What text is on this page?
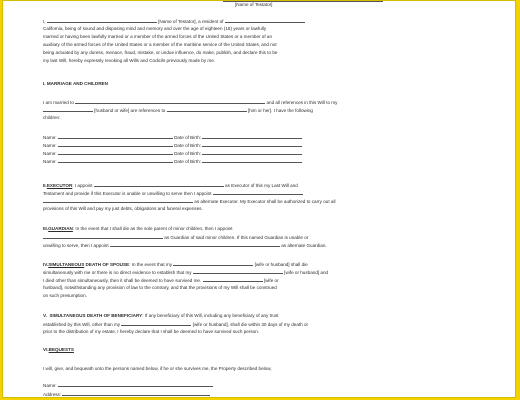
[Name of Testator]
I,	[Name of Testator], a resident of
California, being of sound and disposing mind and memory and over the age of eighteen (18) years or lawfully
married or having been lawfully married or a member of the armed forces of the United States or a member of an
auxiliary of the armed forces of the United States or a member of the maritime service of the United States, and not
being actuated by any duress, menace, fraud, mistake, or undue influence, do make, publish, and declare this to be
my last Will, hereby expressly revoking all Wills and Codicils previously made by me.
I. MARRIAGE AND CHILDREN
I am married to	and all references in this Will to my
[husband or wife] are references to	[him or her]. I have the following
children:
Name:	Date of Birth:
Name:	Date of Birth:
Name:	Date of Birth:
Name:	Date of Birth:
II.EXECUTOR: I appoint	as Executor of this my Last Will and
Testament and provide if this Executor is unable or unwilling to serve then I appoint
as alternate Executor. My Executor shall be authorized to carry out all
provisions of this Will and pay my just debts, obligations and funeral expenses.
III.GUARDIAN: In the event that I shall die as the sole parent of minor children, then I appoint
as Guardian of said minor children. If this named Guardian is unable or
unwilling to serve, then I appoint	as alternate Guardian.
IV.SIMULTANEOUS DEATH OF SPOUSE: In the event that my	[wife or husband] shall die
simultaneously with me or there is no direct evidence to establish that my	[wife or husband] and
I died other than simultaneously, then it shall be deemed to have survived me.	[wife or
husband], notwithstanding any provision of law to the contrary, and that the provisions of my Will shall be construed
on such presumption.
V. SIMULTANEOUS DEATH OF BENEFICIARY: If any beneficiary of this Will, including any beneficiary of any trust
established by this Will, other than my	[wife or husband], shall die within 30 days of my death or
prior to the distribution of my estate, I hereby declare that I shall be deemed to have survived such person.
VI.BEQUESTS
I will, give, and bequeath unto the persons named below, if he or she survives me, the Property described below,
Name:
Address:
